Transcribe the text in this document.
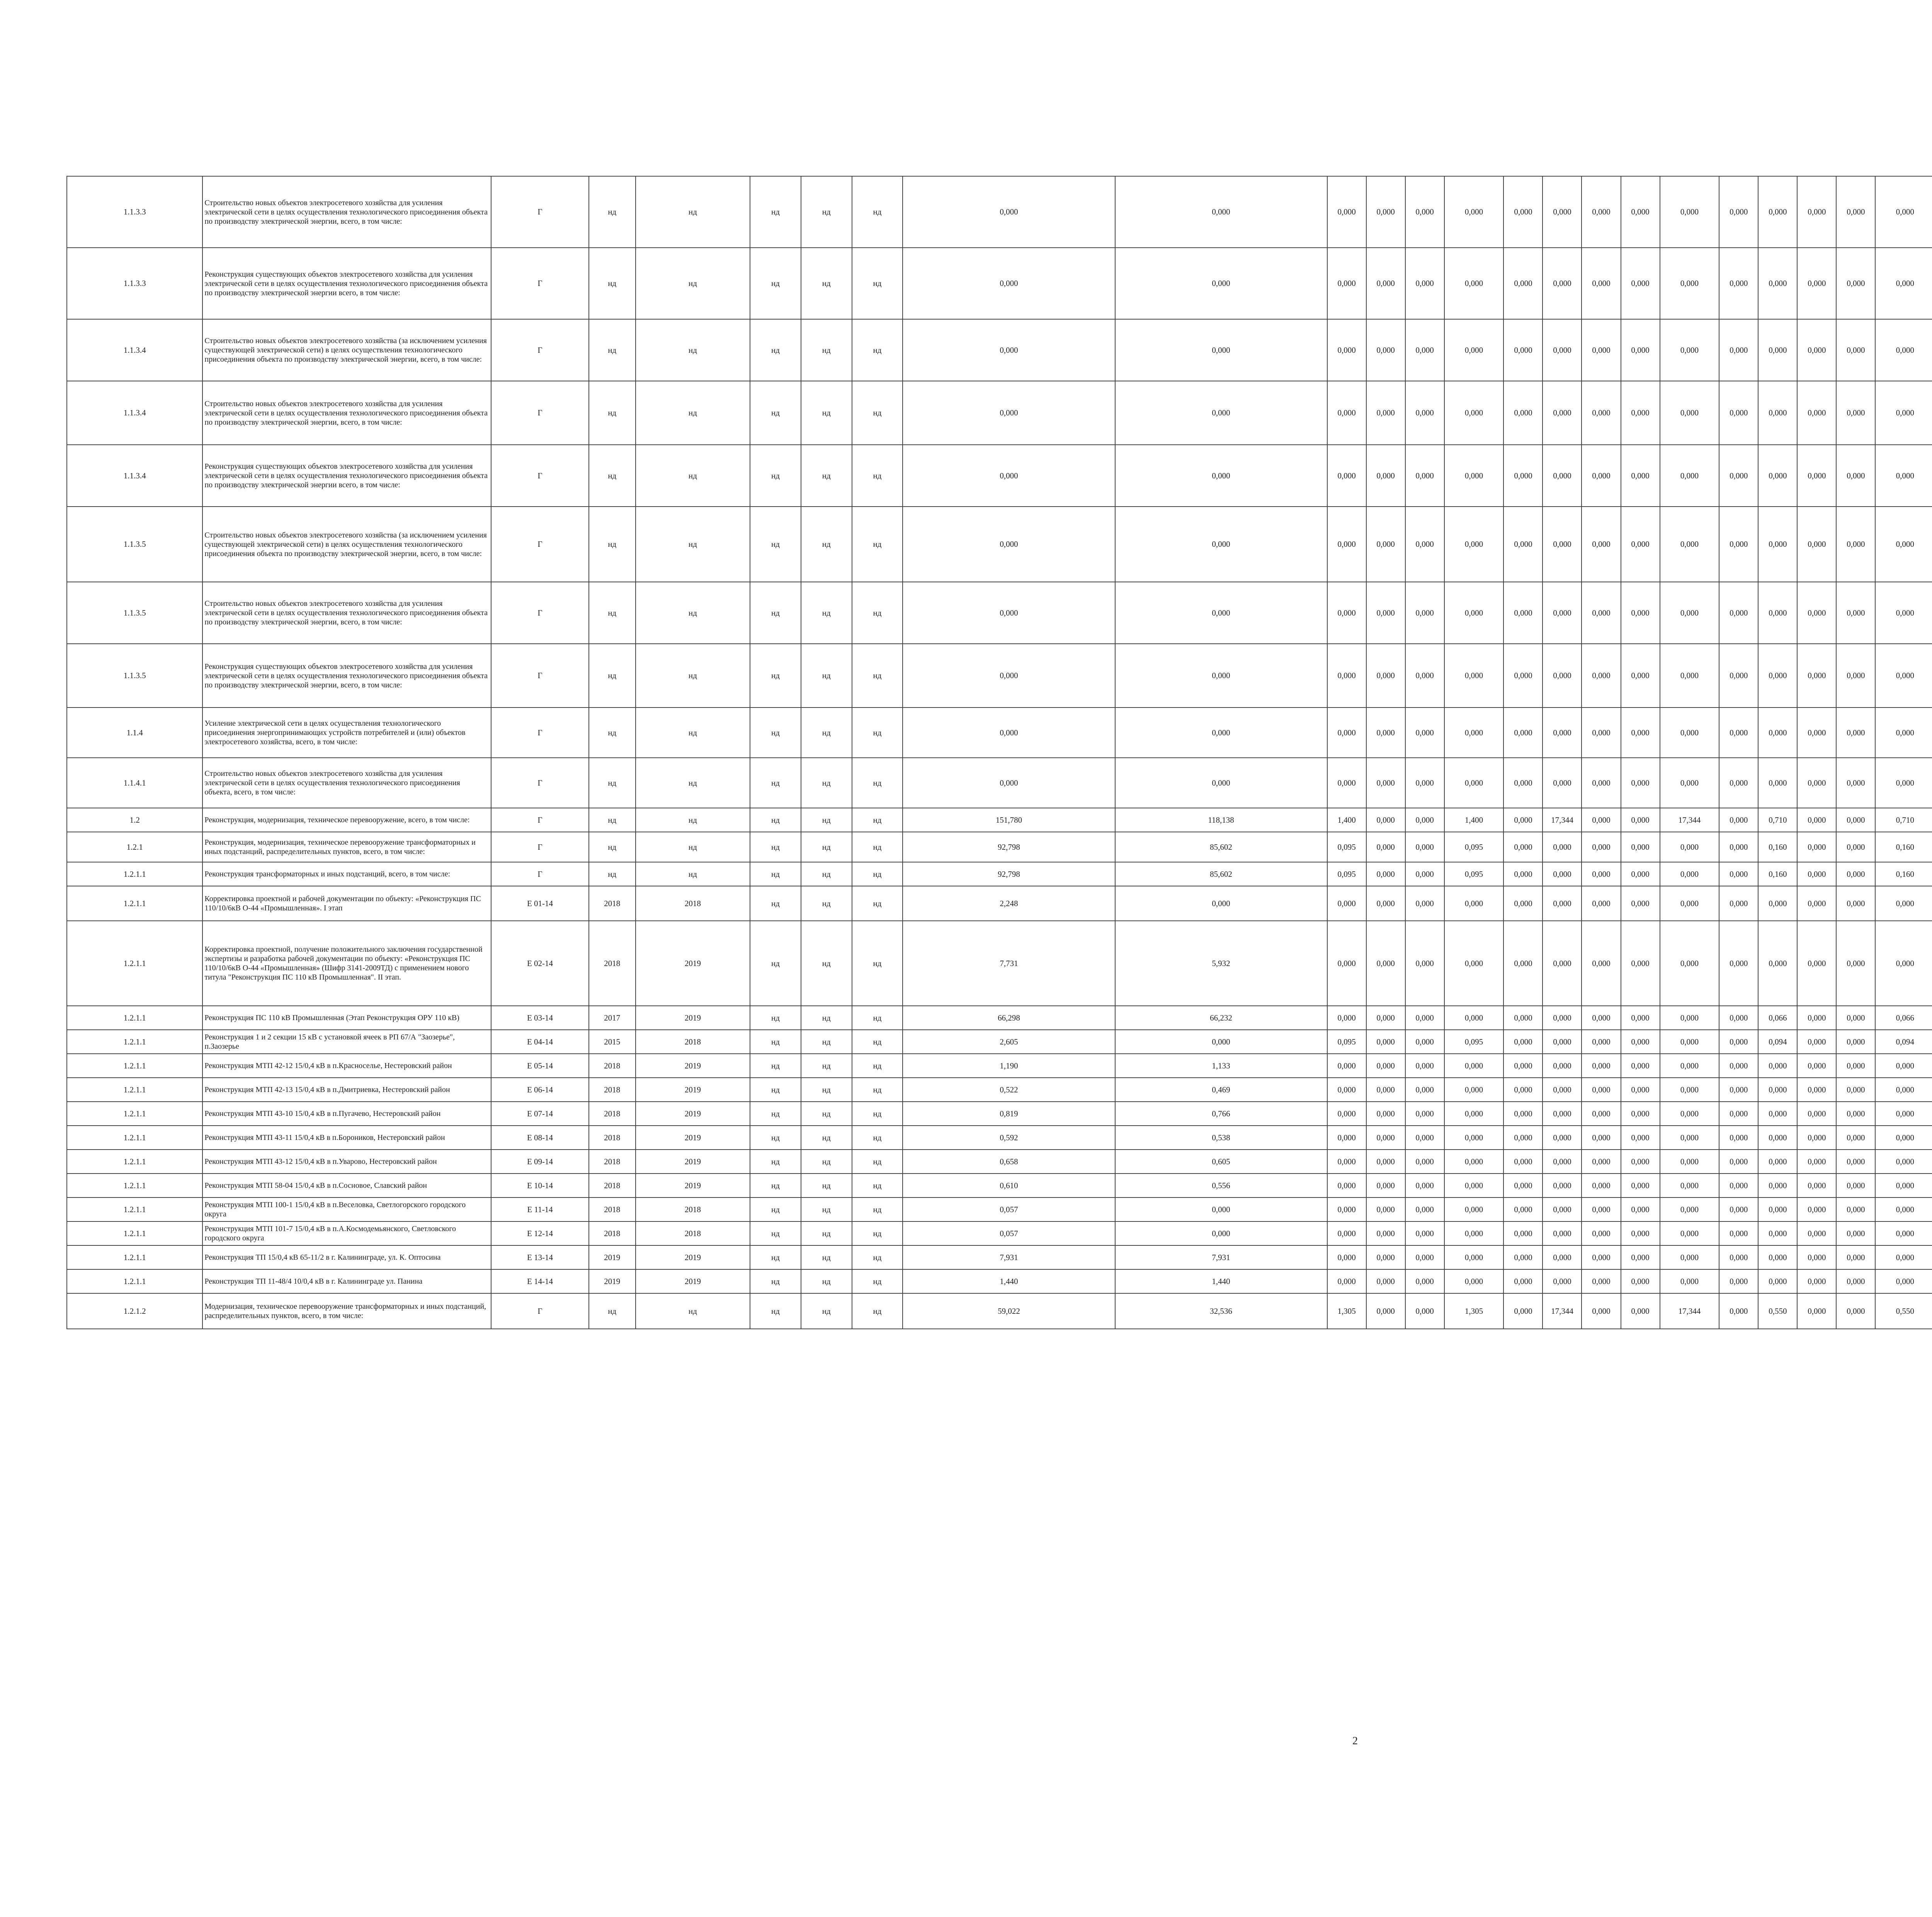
1.1.3.3	Строительство новых объектов электросетевого хозяйства для усиления электрической сети в целях осуществления технологического присоединения объекта по производству электрической энергии, всего, в том числе:	Г	нд	нд	нд	нд	нд	0,000	0,000	0,000	0,000	0,000	0,000	0,000	0,000	0,000	0,000	0,000	0,000	0,000	0,000	0,000	0,000																	
1.1.3.3	Реконструкция существующих объектов электросетевого хозяйства для усиления электрической сети в целях осуществления технологического присоединения объекта по производству электрической энергии всего, в том числе:	Г	нд	нд	нд	нд	нд	0,000	0,000	0,000	0,000	0,000	0,000	0,000	0,000	0,000	0,000	0,000	0,000	0,000	0,000	0,000	0,000																	
1.1.3.4	Строительство новых объектов электросетевого хозяйства (за исключением усиления существующей электрической сети) в целях осуществления технологического присоединения объекта по производству электрической энергии, всего, в том числе:	Г	нд	нд	нд	нд	нд	0,000	0,000	0,000	0,000	0,000	0,000	0,000	0,000	0,000	0,000	0,000	0,000	0,000	0,000	0,000	0,000																	
1.1.3.4	Строительство новых объектов электросетевого хозяйства для усиления электрической сети в целях осуществления технологического присоединения объекта по производству электрической энергии, всего, в том числе:	Г	нд	нд	нд	нд	нд	0,000	0,000	0,000	0,000	0,000	0,000	0,000	0,000	0,000	0,000	0,000	0,000	0,000	0,000	0,000	0,000																	
1.1.3.4	Реконструкция существующих объектов электросетевого хозяйства для усиления электрической сети в целях осуществления технологического присоединения объекта по производству электрической энергии всего, в том числе:	Г	нд	нд	нд	нд	нд	0,000	0,000	0,000	0,000	0,000	0,000	0,000	0,000	0,000	0,000	0,000	0,000	0,000	0,000	0,000	0,000																	
1.1.3.5	Строительство новых объектов электросетевого хозяйства (за исключением усиления существующей электрической сети) в целях осуществления технологического присоединения объекта по производству электрической энергии, всего, в том числе:	Г	нд	нд	нд	нд	нд	0,000	0,000	0,000	0,000	0,000	0,000	0,000	0,000	0,000	0,000	0,000	0,000	0,000	0,000	0,000	0,000																	
1.1.3.5	Строительство новых объектов электросетевого хозяйства для усиления электрической сети в целях осуществления технологического присоединения объекта по производству электрической энергии, всего, в том числе:	Г	нд	нд	нд	нд	нд	0,000	0,000	0,000	0,000	0,000	0,000	0,000	0,000	0,000	0,000	0,000	0,000	0,000	0,000	0,000	0,000																	
1.1.3.5	Реконструкция существующих объектов электросетевого хозяйства для усиления электрической сети в целях осуществления технологического присоединения объекта по производству электрической энергии, всего, в том числе:	Г	нд	нд	нд	нд	нд	0,000	0,000	0,000	0,000	0,000	0,000	0,000	0,000	0,000	0,000	0,000	0,000	0,000	0,000	0,000	0,000																	
1.1.4	Усиление электрической сети в целях осуществления технологического присоединения энергопринимающих устройств потребителей и (или) объектов электросетевого хозяйства, всего, в том числе:	Г	нд	нд	нд	нд	нд	0,000	0,000	0,000	0,000	0,000	0,000	0,000	0,000	0,000	0,000	0,000	0,000	0,000	0,000	0,000	0,000																	
1.1.4.1	Строительство новых объектов электросетевого хозяйства для усиления электрической сети в целях осуществления технологического присоединения объекта, всего, в том числе:	Г	нд	нд	нд	нд	нд	0,000	0,000	0,000	0,000	0,000	0,000	0,000	0,000	0,000	0,000	0,000	0,000	0,000	0,000	0,000	0,000																	
1.2	Реконструкция, модернизация, техническое перевооружение, всего, в том числе:	Г	нд	нд	нд	нд	нд	151,780	118,138	1,400	0,000	0,000	1,400	0,000	17,344	0,000	0,000	17,344	0,000	0,710	0,000	0,000	0,710																	
1.2.1	Реконструкция, модернизация, техническое перевооружение трансформаторных и иных подстанций, распределительных пунктов, всего, в том числе:	Г	нд	нд	нд	нд	нд	92,798	85,602	0,095	0,000	0,000	0,095	0,000	0,000	0,000	0,000	0,000	0,000	0,160	0,000	0,000	0,160																	
1.2.1.1	Реконструкция трансформаторных и иных подстанций, всего, в том числе:	Г	нд	нд	нд	нд	нд	92,798	85,602	0,095	0,000	0,000	0,095	0,000	0,000	0,000	0,000	0,000	0,000	0,160	0,000	0,000	0,160																	
1.2.1.1	Корректировка проектной и рабочей документации по объекту: «Реконструкция ПС 110/10/6кВ О-44 «Промышленная». I этап	Е 01-14	2018	2018	нд	нд	нд	2,248	0,000	0,000	0,000	0,000	0,000	0,000	0,000	0,000	0,000	0,000	0,000	0,000	0,000	0,000	0,000																	
1.2.1.1	Корректировка проектной, получение положительного заключения государственной экспертизы и разработка рабочей документации по объекту: «Реконструкция ПС 110/10/6кВ О-44 «Промышленная» (Шифр 3141-2009ТД) с применением нового титула "Реконструкция ПС 110 кВ Промышленная". II этап.	Е 02-14	2018	2019	нд	нд	нд	7,731	5,932	0,000	0,000	0,000	0,000	0,000	0,000	0,000	0,000	0,000	0,000	0,000	0,000	0,000	0,000																	
1.2.1.1	Реконструкция ПС 110 кВ Промышленная (Этап Реконструкция ОРУ 110 кВ)	Е 03-14	2017	2019	нд	нд	нд	66,298	66,232	0,000	0,000	0,000	0,000	0,000	0,000	0,000	0,000	0,000	0,000	0,066	0,000	0,000	0,066																	
1.2.1.1	Реконструкция 1 и 2 секции 15 кВ с установкой ячеек в РП 67/А "Заозерье", п.Заозерье	Е 04-14	2015	2018	нд	нд	нд	2,605	0,000	0,095	0,000	0,000	0,095	0,000	0,000	0,000	0,000	0,000	0,000	0,094	0,000	0,000	0,094																	
1.2.1.1	Реконструкция МТП 42-12 15/0,4 кВ в п.Красноселье, Нестеровский район	Е 05-14	2018	2019	нд	нд	нд	1,190	1,133	0,000	0,000	0,000	0,000	0,000	0,000	0,000	0,000	0,000	0,000	0,000	0,000	0,000	0,000																	
1.2.1.1	Реконструкция МТП 42-13 15/0,4 кВ в п.Дмитриевка, Нестеровский район	Е 06-14	2018	2019	нд	нд	нд	0,522	0,469	0,000	0,000	0,000	0,000	0,000	0,000	0,000	0,000	0,000	0,000	0,000	0,000	0,000	0,000																	
1.2.1.1	Реконструкция МТП 43-10 15/0,4 кВ в п.Пугачево, Нестеровский район	Е 07-14	2018	2019	нд	нд	нд	0,819	0,766	0,000	0,000	0,000	0,000	0,000	0,000	0,000	0,000	0,000	0,000	0,000	0,000	0,000	0,000																	
1.2.1.1	Реконструкция МТП 43-11 15/0,4 кВ в п.Бороников, Нестеровский район	Е 08-14	2018	2019	нд	нд	нд	0,592	0,538	0,000	0,000	0,000	0,000	0,000	0,000	0,000	0,000	0,000	0,000	0,000	0,000	0,000	0,000																	
1.2.1.1	Реконструкция МТП 43-12 15/0,4 кВ в п.Уварово, Нестеровский район	Е 09-14	2018	2019	нд	нд	нд	0,658	0,605	0,000	0,000	0,000	0,000	0,000	0,000	0,000	0,000	0,000	0,000	0,000	0,000	0,000	0,000																	
1.2.1.1	Реконструкция МТП 58-04 15/0,4 кВ в п.Сосновое, Славский район	Е 10-14	2018	2019	нд	нд	нд	0,610	0,556	0,000	0,000	0,000	0,000	0,000	0,000	0,000	0,000	0,000	0,000	0,000	0,000	0,000	0,000																	
1.2.1.1	Реконструкция МТП 100-1 15/0,4 кВ в п.Веселовка, Светлогорского городского округа	Е 11-14	2018	2018	нд	нд	нд	0,057	0,000	0,000	0,000	0,000	0,000	0,000	0,000	0,000	0,000	0,000	0,000	0,000	0,000	0,000	0,000																	
1.2.1.1	Реконструкция МТП 101-7 15/0,4 кВ в п.А.Космодемьянского, Светловского городского округа	Е 12-14	2018	2018	нд	нд	нд	0,057	0,000	0,000	0,000	0,000	0,000	0,000	0,000	0,000	0,000	0,000	0,000	0,000	0,000	0,000	0,000																	
1.2.1.1	Реконструкция ТП 15/0,4 кВ 65-11/2 в г. Калининграде, ул. К. Оптосина	Е 13-14	2019	2019	нд	нд	нд	7,931	7,931	0,000	0,000	0,000	0,000	0,000	0,000	0,000	0,000	0,000	0,000	0,000	0,000	0,000	0,000																	
1.2.1.1	Реконструкция ТП 11-48/4 10/0,4 кВ в г. Калининграде ул. Панина	Е 14-14	2019	2019	нд	нд	нд	1,440	1,440	0,000	0,000	0,000	0,000	0,000	0,000	0,000	0,000	0,000	0,000	0,000	0,000	0,000	0,000																	
1.2.1.2	Модернизация, техническое перевооружение трансформаторных и иных подстанций, распределительных пунктов, всего, в том числе:	Г	нд	нд	нд	нд	нд	59,022	32,536	1,305	0,000	0,000	1,305	0,000	17,344	0,000	0,000	17,344	0,000	0,550	0,000	0,000	0,550																	
2
